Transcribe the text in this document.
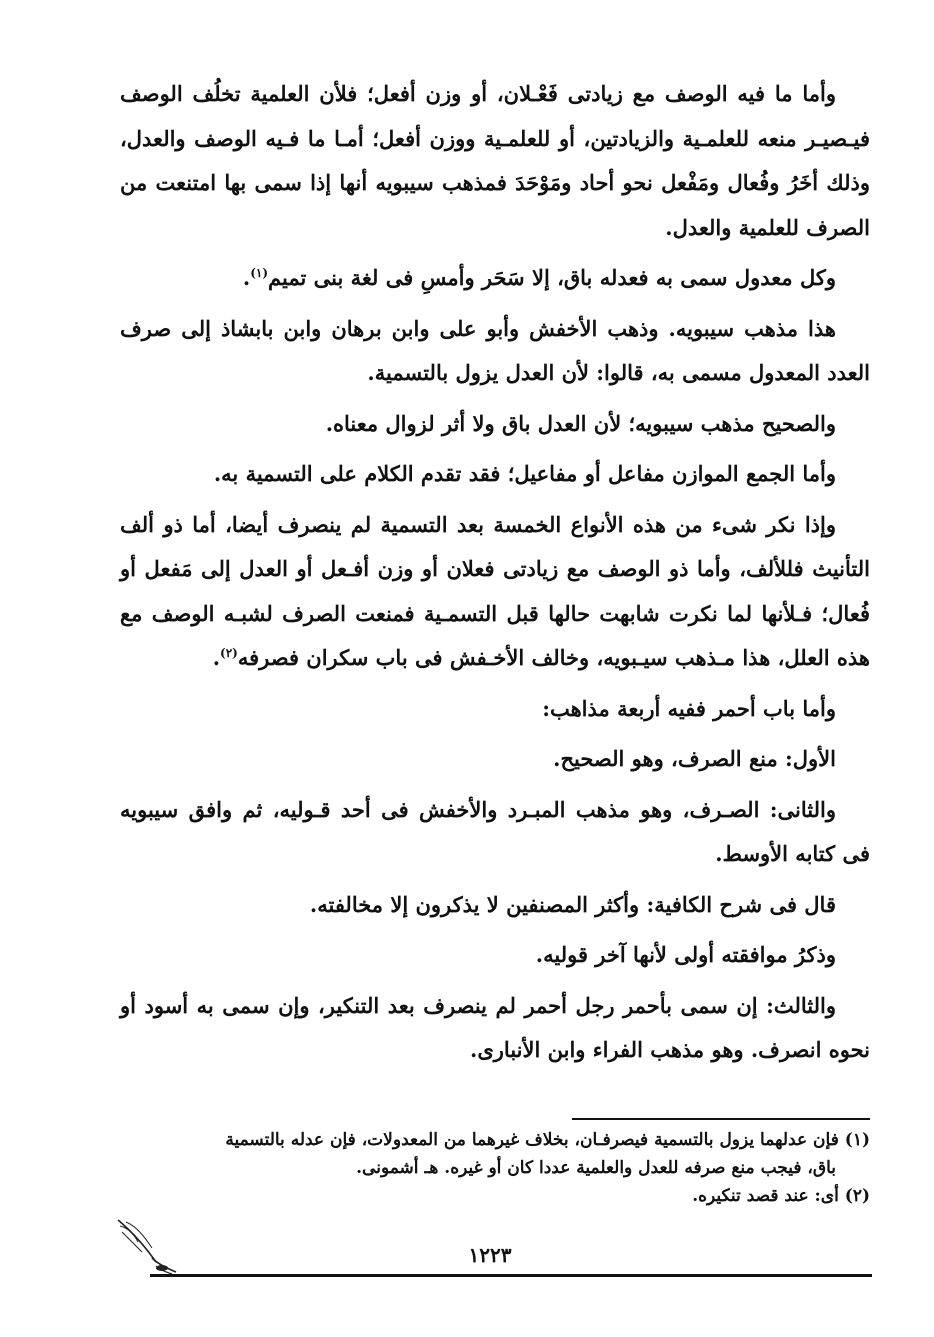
وأما ما فيه الوصف مع زيادتى فَعْـلان، أو وزن أفعل؛ فلأن العلمية تخلُف الوصف فيـصيـر منعه للعلمـية والزيادتين، أو للعلمـية ووزن أفعل؛ أمـا ما فـيه الوصف والعدل، وذلك أخَرُ وفُعال ومَفْعل نحو أحاد ومَوْحَدَ فمذهب سيبويه أنها إذا سمى بها امتنعت من الصرف للعلمية والعدل.

وكل معدول سمى به فعدله باق، إلا سَحَر وأمسِ فى لغة بنى تميم$^{(١)}$.

هذا مذهب سيبويه. وذهب الأخفش وأبو على وابن برهان وابن بابشاذ إلى صرف العدد المعدول مسمى به، قالوا: لأن العدل يزول بالتسمية.

والصحيح مذهب سيبويه؛ لأن العدل باق ولا أثر لزوال معناه.

وأما الجمع الموازن مفاعل أو مفاعيل؛ فقد تقدم الكلام على التسمية به.

وإذا نكر شىء من هذه الأنواع الخمسة بعد التسمية لم ينصرف أيضا، أما ذو ألف التأنيث فللألف، وأما ذو الوصف مع زيادتى فعلان أو وزن أفـعل أو العدل إلى مَفعل أو فُعال؛ فـلأنها لما نكرت شابهت حالها قبل التسمـية فمنعت الصرف لشبـه الوصف مع هذه العلل، هذا مـذهب سيـبويه، وخالف الأخـفش فى باب سكران فصرفه$^{(٢)}$.

وأما باب أحمر ففيه أربعة مذاهب:

الأول: منع الصرف، وهو الصحيح.

والثانى: الصـرف، وهو مذهب المبـرد والأخفش فى أحد قـوليه، ثم وافق سيبويه فى كتابه الأوسط.

قال فى شرح الكافية: وأكثر المصنفين لا يذكرون إلا مخالفته.

وذكرُ موافقته أولى لأنها آخر قوليه.

والثالث: إن سمى بأحمر رجل أحمر لم ينصرف بعد التنكير، وإن سمى به أسود أو نحوه انصرف. وهو مذهب الفراء وابن الأنبارى.

(١) فإن عدلهما يزول بالتسمية فيصرفـان، بخلاف غيرهما من المعدولات، فإن عدله بالتسمية

باق، فيجب منع صرفه للعدل والعلمية عددا كان أو غيره. هـ أشمونى.

(٢) أى: عند قصد تنكيره.

١٢٢٣
